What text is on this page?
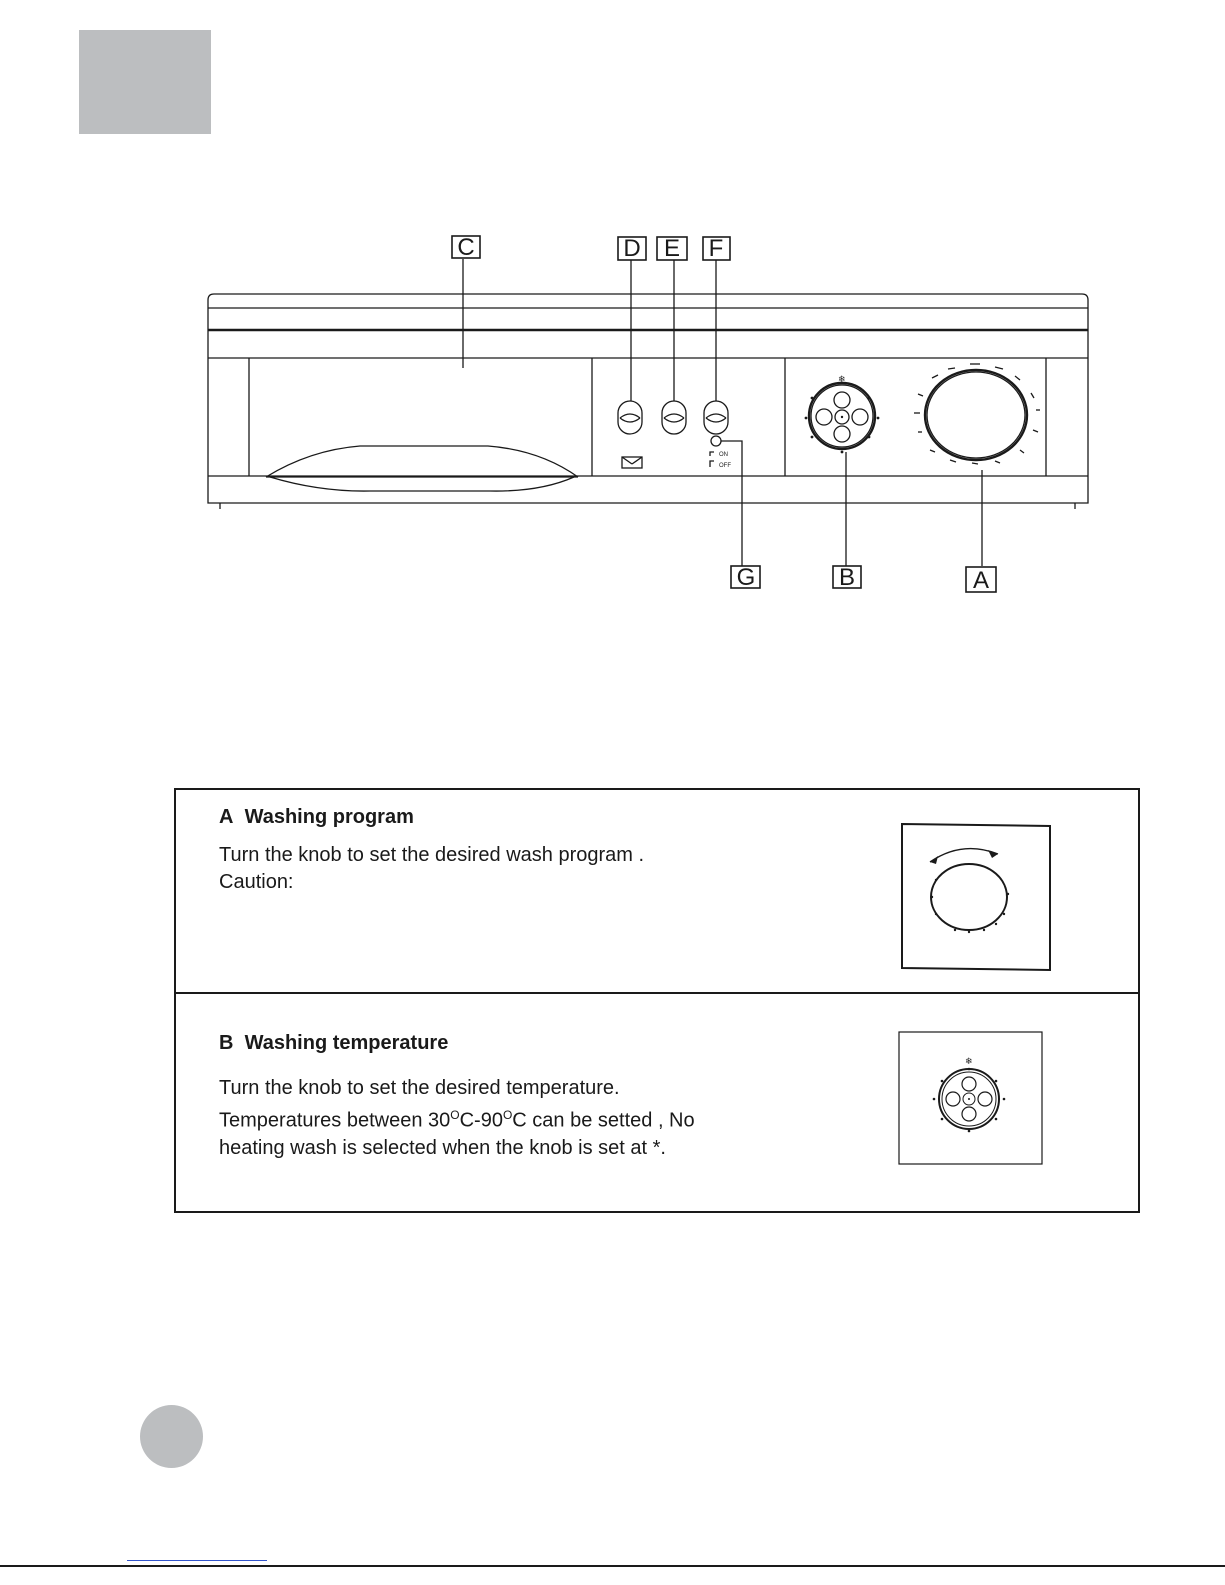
ON
OFF
❄
C	D E F
G	B	A
A Washing program
Turn the knob to set the desired wash program .
Caution:
B Washing temperature
Turn the knob to set the desired temperature.
Temperatures between $30^OC-90^OC$ can be setted , No
heating wash is selected when the knob is set at *.
❄
